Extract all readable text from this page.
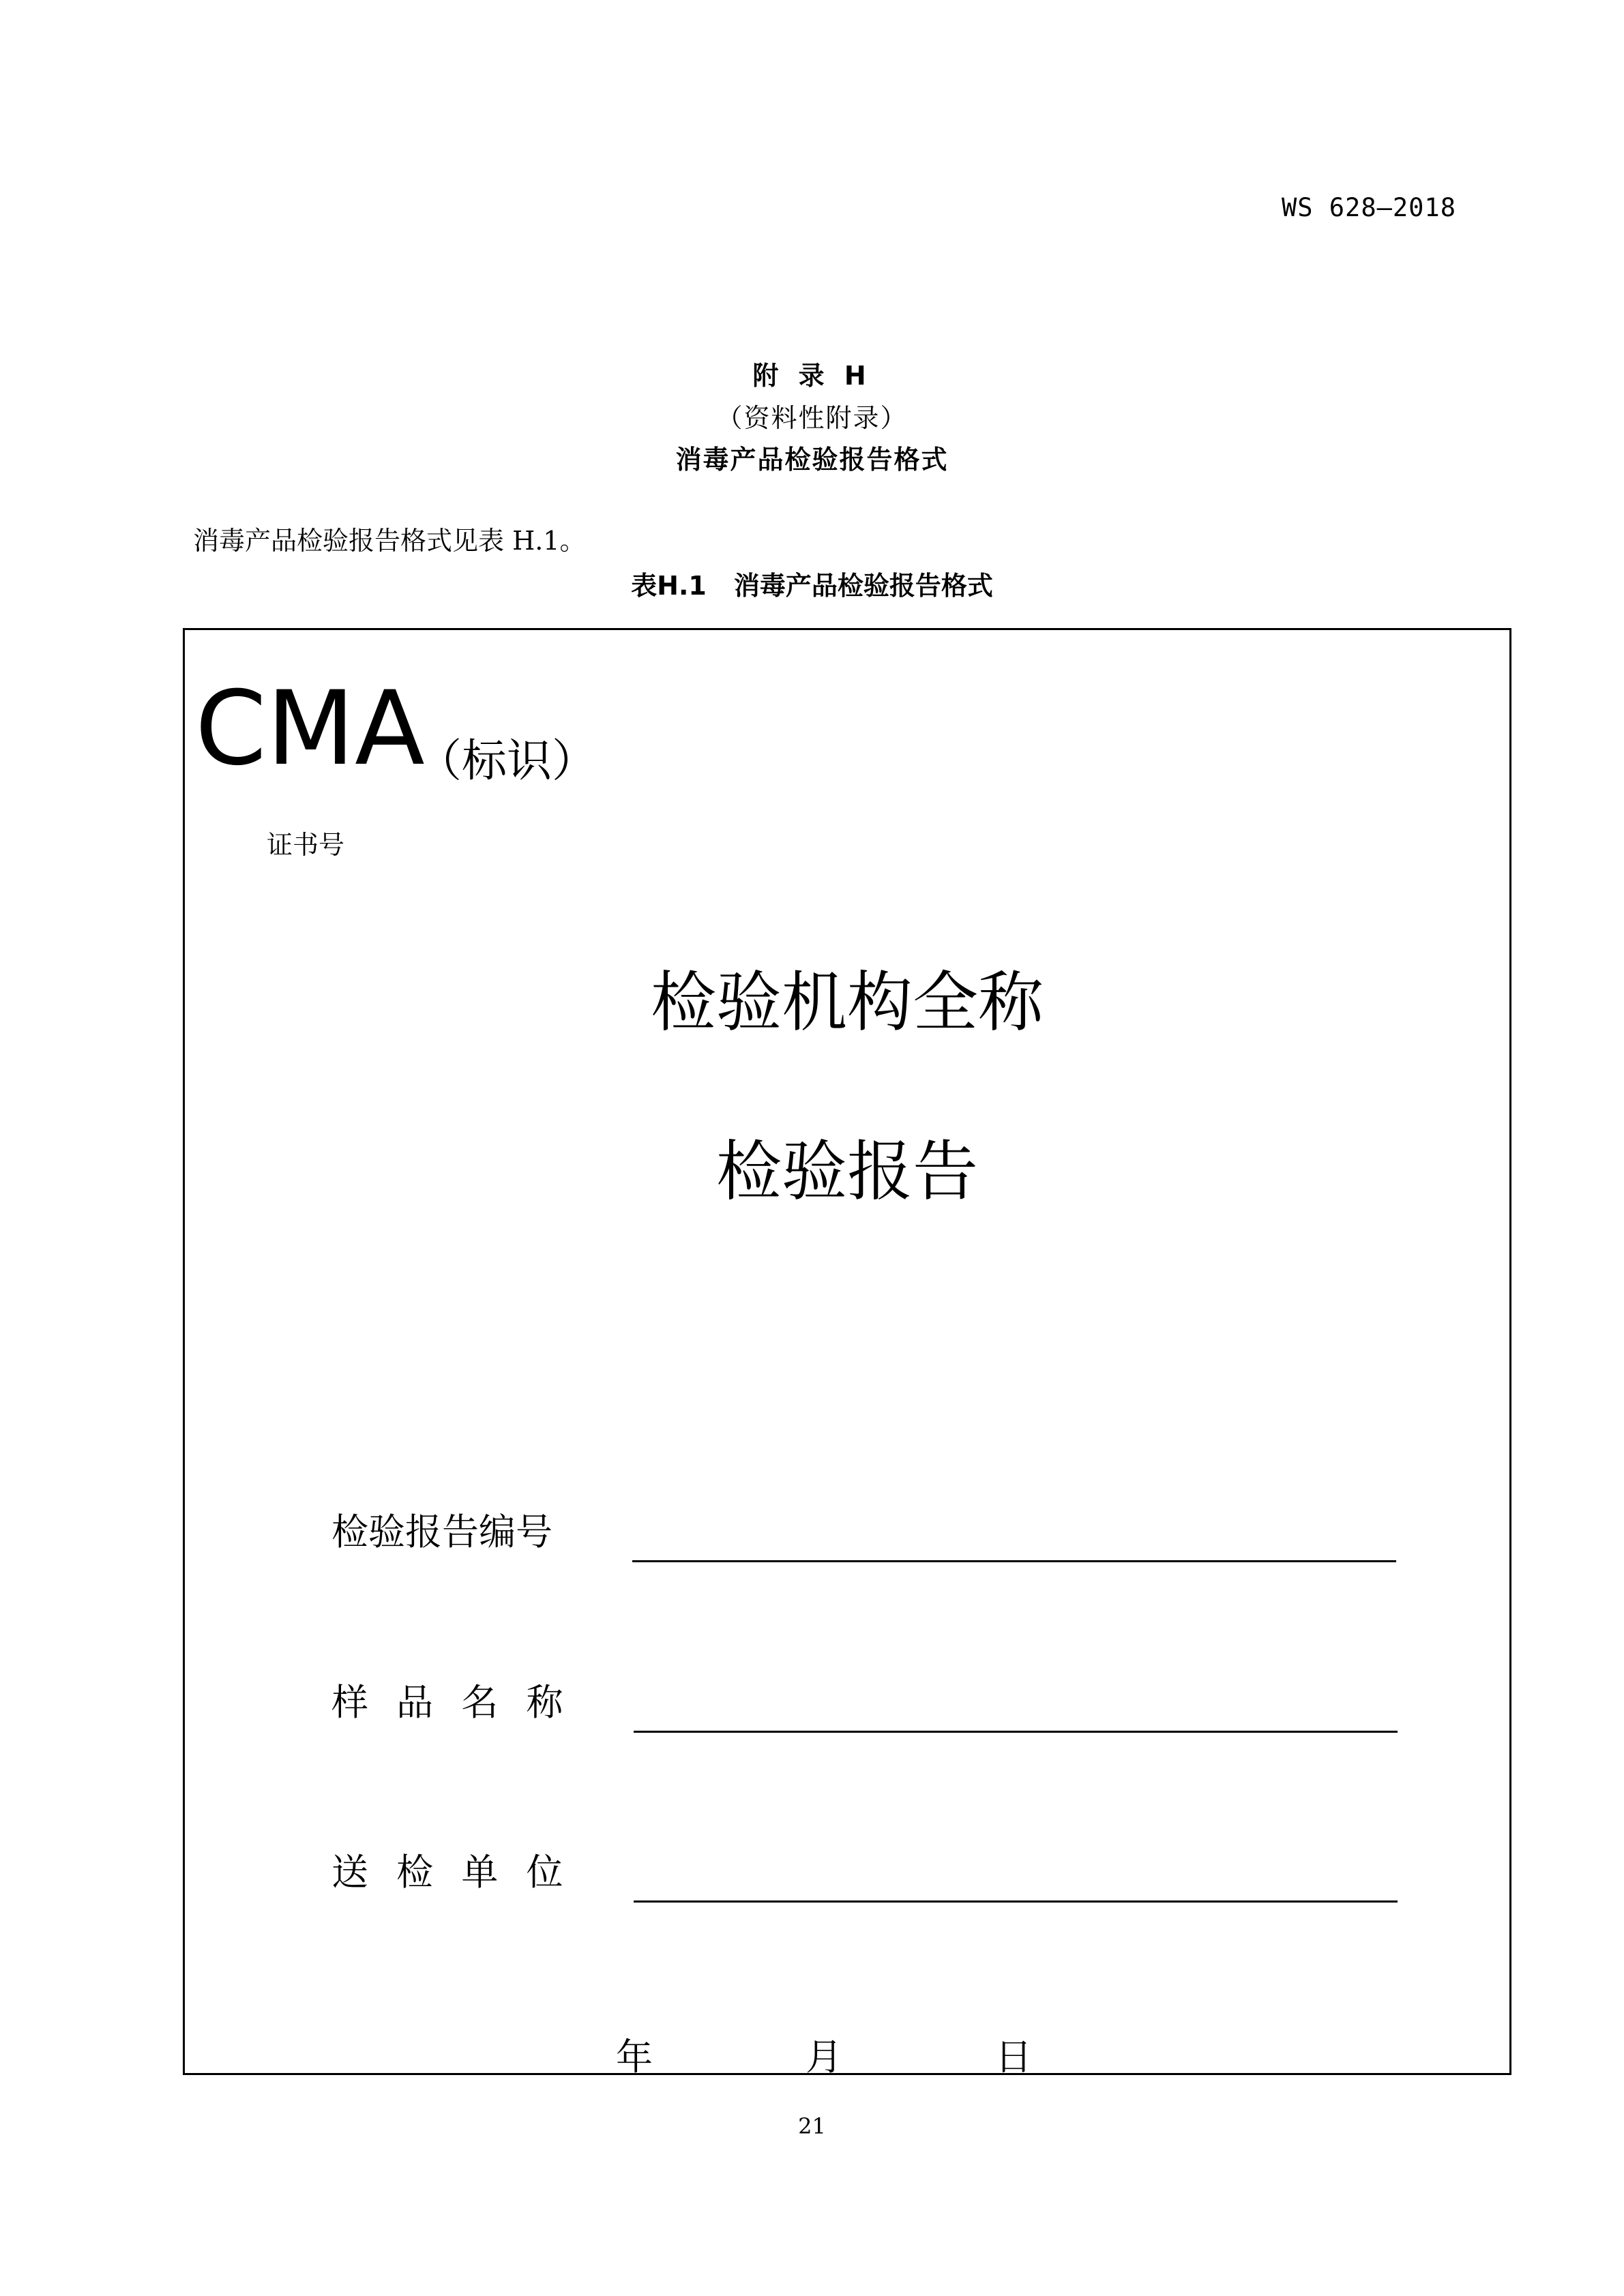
WS 628—2018
附 录 H
（资料性附录）
消毒产品检验报告格式
消毒产品检验报告格式见表 H.1。
表H.1 消毒产品检验报告格式
CMA
（标识）
证书号
检验机构全称
检验报告
检验报告编号
样 品 名 称
送 检 单 位
年	月	日
21
